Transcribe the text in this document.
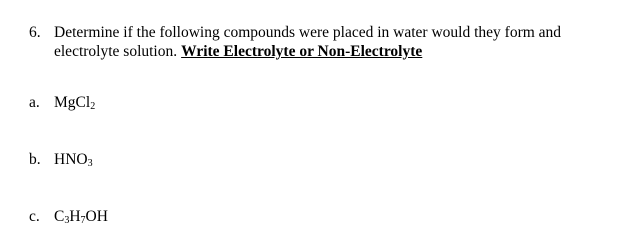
6. Determine if the following compounds were placed in water would they form and
electrolyte solution. Write Electrolyte or Non-Electrolyte
a. MgCl$_2$
b. $HNO_3$
c. $C_3H_7OH$
